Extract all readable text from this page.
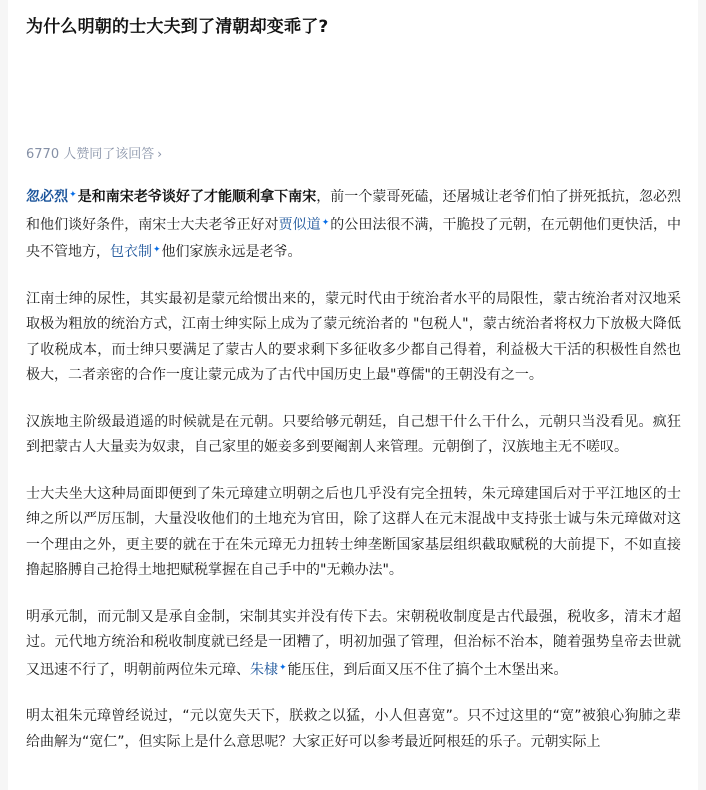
为什么明朝的士大夫到了清朝却变乖了?
6770 人赞同了该回答 ›

忽必烈✦是和南宋老爷谈好了才能顺利拿下南宋，前一个蒙哥死磕，还屠城让老爷们怕了拼死抵抗，忽必烈和他们谈好条件，南宋士大夫老爷正好对贾似道✦的公田法很不满，干脆投了元朝，在元朝他们更快活，中央不管地方，包衣制✦他们家族永远是老爷。

江南士绅的尿性，其实最初是蒙元给惯出来的，蒙元时代由于统治者水平的局限性，蒙古统治者对汉地采取极为粗放的统治方式，江南士绅实际上成为了蒙元统治者的 "包税人"，蒙古统治者将权力下放极大降低了收税成本，而士绅只要满足了蒙古人的要求剩下多征收多少都自己得着，利益极大干活的积极性自然也极大，二者亲密的合作一度让蒙元成为了古代中国历史上最"尊儒"的王朝没有之一。

汉族地主阶级最逍遥的时候就是在元朝。只要给够元朝廷，自己想干什么干什么，元朝只当没看见。疯狂到把蒙古人大量卖为奴隶，自己家里的姬妾多到要阉割人来管理。元朝倒了，汉族地主无不嗟叹。

士大夫坐大这种局面即便到了朱元璋建立明朝之后也几乎没有完全扭转，朱元璋建国后对于平江地区的士绅之所以严厉压制，大量没收他们的土地充为官田，除了这群人在元末混战中支持张士诚与朱元璋做对这一个理由之外，更主要的就在于在朱元璋无力扭转士绅垄断国家基层组织截取赋税的大前提下，不如直接撸起胳膊自己抢得土地把赋税掌握在自己手中的"无赖办法"。

明承元制，而元制又是承自金制，宋制其实并没有传下去。宋朝税收制度是古代最强，税收多，清末才超过。元代地方统治和税收制度就已经是一团糟了，明初加强了管理，但治标不治本，随着强势皇帝去世就又迅速不行了，明朝前两位朱元璋、朱棣✦能压住，到后面又压不住了搞个土木堡出来。

明太祖朱元璋曾经说过，“元以宽失天下，朕救之以猛，小人但喜宽”。只不过这里的“宽”被狼心狗肺之辈给曲解为“宽仁”，但实际上是什么意思呢？大家正好可以参考最近阿根廷的乐子。元朝实际上
